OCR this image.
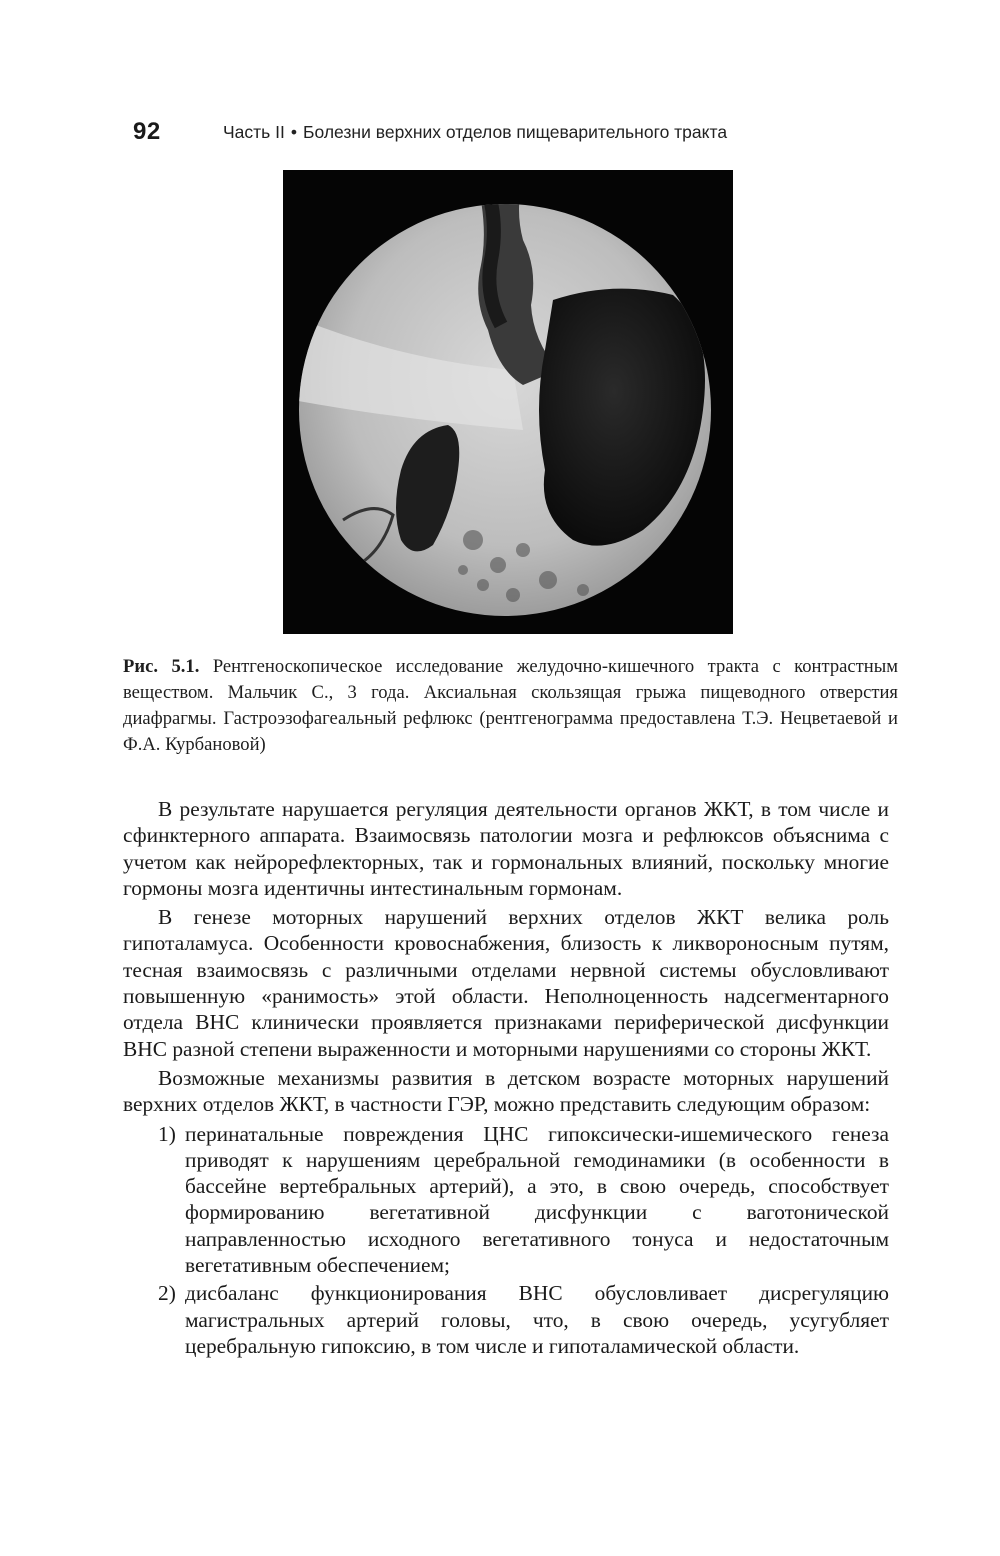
92	Часть II • Болезни верхних отделов пищеварительного тракта

Рис. 5.1. Рентгеноскопическое исследование желудочно-кишечного тракта с контрастным веществом. Мальчик С., 3 года. Аксиальная скользящая грыжа пищеводного отверстия диафрагмы. Гастроэзофагеальный рефлюкс (рентгенограмма предоставлена Т.Э. Нецветаевой и Ф.А. Курбановой)

В результате нарушается регуляция деятельности органов ЖКТ, в том числе и сфинктерного аппарата. Взаимосвязь патологии мозга и рефлюксов объяснима с учетом как нейрорефлекторных, так и гормональных влияний, поскольку многие гормоны мозга идентичны интестинальным гормонам.

В генезе моторных нарушений верхних отделов ЖКТ велика роль гипоталамуса. Особенности кровоснабжения, близость к ликвороносным путям, тесная взаимосвязь с различными отделами нервной системы обусловливают повышенную «ранимость» этой области. Неполноценность надсегментарного отдела ВНС клинически проявляется признаками периферической дисфункции ВНС разной степени выраженности и моторными нарушениями со стороны ЖКТ.

Возможные механизмы развития в детском возрасте моторных нарушений верхних отделов ЖКТ, в частности ГЭР, можно представить следующим образом:

1) перинатальные повреждения ЦНС гипоксически-ишемического генеза приводят к нарушениям церебральной гемодинамики (в особенности в бассейне вертебральных артерий), а это, в свою очередь, способствует формированию вегетативной дисфункции с ваготонической направленностью исходного вегетативного тонуса и недостаточным вегетативным обеспечением;
2) дисбаланс функционирования ВНС обусловливает дисрегуляцию магистральных артерий головы, что, в свою очередь, усугубляет церебральную гипоксию, в том числе и гипоталамической области.
